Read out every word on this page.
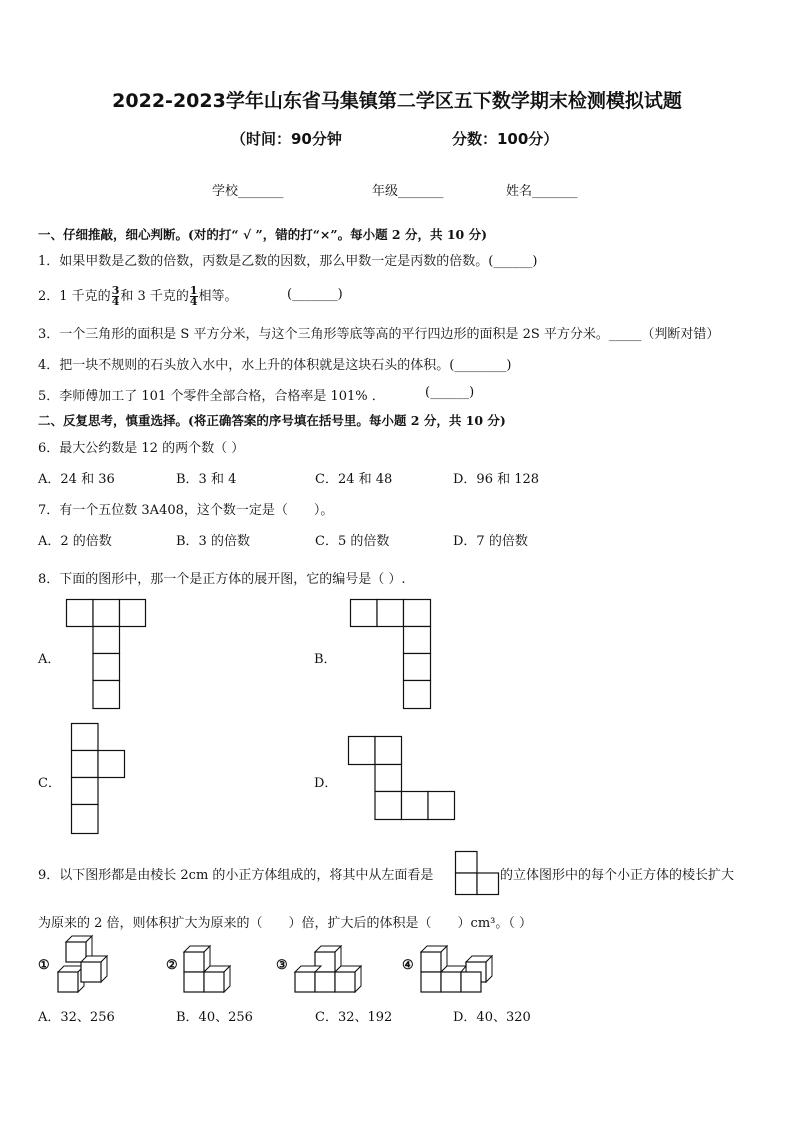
2022-2023学年山东省马集镇第二学区五下数学期末检测模拟试题
（时间：90分钟	分数：100分）
学校_______	年级_______	姓名_______
一、仔细推敲，细心判断。(对的打“ √ ”，错的打“×”。每小题 2 分，共 10 分)
1．如果甲数是乙数的倍数，丙数是乙数的因数，那么甲数一定是丙数的倍数。(______)
2．1 千克的 $\frac{3}{4}$ 和 3 千克的 $\frac{1}{4}$ 相等。	(_______)
3．一个三角形的面积是 S 平方分米，与这个三角形等底等高的平行四边形的面积是 2S 平方分米。_____（判断对错）
4．把一块不规则的石头放入水中，水上升的体积就是这块石头的体积。(________)
5．李师傅加工了 101 个零件全部合格，合格率是 101% ．	(______)
二、反复思考，慎重选择。(将正确答案的序号填在括号里。每小题 2 分，共 10 分)
6．最大公约数是 12 的两个数（ ）
A．24 和 36	B．3 和 4	C．24 和 48	D．96 和 128
7．有一个五位数 3A408，这个数一定是（　　）。
A．2 的倍数	B．3 的倍数	C．5 的倍数	D．7 的倍数
8．下面的图形中，那一个是正方体的展开图，它的编号是（ ）.
A．	B．
C．	D．
9．以下图形都是由棱长 2cm 的小正方体组成的，将其中从左面看是	的立体图形中的每个小正方体的棱长扩大
为原来的 2 倍，则体积扩大为原来的（　　）倍，扩大后的体积是（　　）cm³。（ ）
①	②	③	④
A．32、256	B．40、256	C．32、192	D．40、320
